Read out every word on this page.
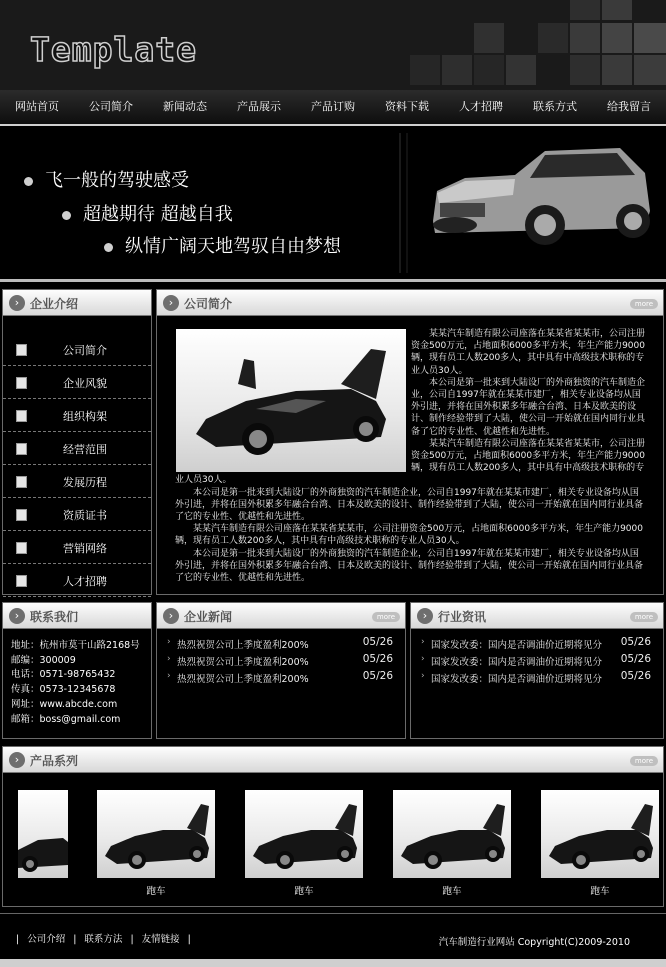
Template
网站首页	公司简介	新闻动态	产品展示	产品订购	资料下载	人才招聘	联系方式	给我留言
飞一般的驾驶感受
超越期待 超越自我
纵情广阔天地驾驭自由梦想
› 企业介绍
公司简介
企业风貌
组织构架
经营范围
发展历程
资质证书
营销网络
人才招聘
› 公司简介	more

　　某某汽车制造有限公司座落在某某省某某市，公司注册资金500万元，占地面积6000多平方米，年生产能力9000辆，现有员工人数200多人，其中具有中高级技术职称的专业人员30人。

　　本公司是第一批来到大陆设厂的外商独资的汽车制造企业，公司自1997年就在某某市建厂，相关专业设备均从国外引进，并将在国外积累多年融合台湾、日本及欧美的设计、制作经验带到了大陆，使公司一开始就在国内同行业具备了它的专业性、优越性和先进性。

　　某某汽车制造有限公司座落在某某省某某市，公司注册资金500万元，占地面积6000多平方米，年生产能力9000辆，现有员工人数200多人，其中具有中高级技术职称的专业人员30人。

　　本公司是第一批来到大陆设厂的外商独资的汽车制造企业，公司自1997年就在某某市建厂，相关专业设备均从国外引进，并将在国外积累多年融合台湾、日本及欧美的设计、制作经验带到了大陆，使公司一开始就在国内同行业具备了它的专业性、优越性和先进性。

　　某某汽车制造有限公司座落在某某省某某市，公司注册资金500万元，占地面积6000多平方米，年生产能力9000辆，现有员工人数200多人，其中具有中高级技术职称的专业人员30人。

　　本公司是第一批来到大陆设厂的外商独资的汽车制造企业，公司自1997年就在某某市建厂，相关专业设备均从国外引进，并将在国外积累多年融合台湾、日本及欧美的设计、制作经验带到了大陆，使公司一开始就在国内同行业具备了它的专业性、优越性和先进性。

› 联系我们
地址：杭州市莫干山路2168号
邮编：300009
电话：0571-98765432
传真：0573-12345678
网址：www.abcde.com
邮箱：boss@gmail.com
› 企业新闻	more
› 热烈祝贺公司上季度盈利200%	05/26
› 热烈祝贺公司上季度盈利200%	05/26
› 热烈祝贺公司上季度盈利200%	05/26
› 行业资讯	more
› 国家发改委：国内是否调油价近期将见分 05/26
› 国家发改委：国内是否调油价近期将见分 05/26
› 国家发改委：国内是否调油价近期将见分 05/26
› 产品系列	more
跑车	跑车	跑车	跑车
| 公司介绍 | 联系方法 | 友情链接 |	汽车制造行业网站 Copyright(C)2009-2010
